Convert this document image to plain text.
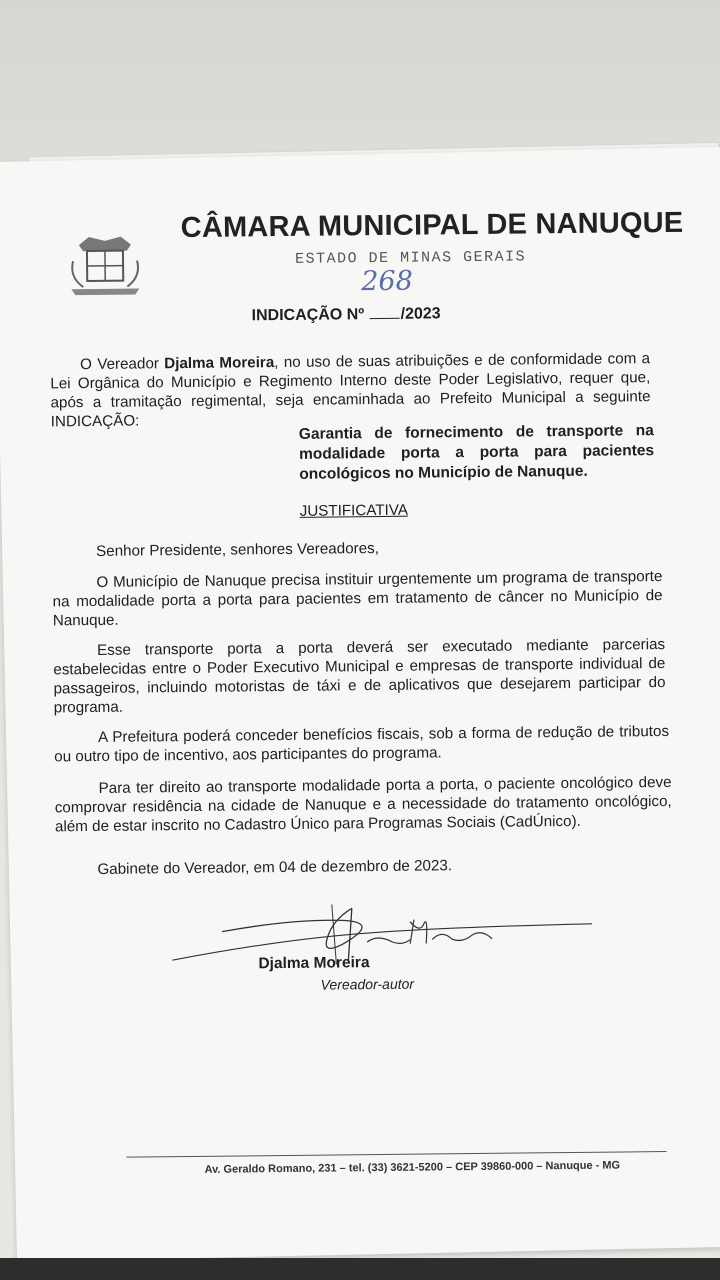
CÂMARA MUNICIPAL DE NANUQUE
ESTADO DE MINAS GERAIS
268
INDICAÇÃO Nº /2023
O Vereador Djalma Moreira, no uso de suas atribuições e de conformidade com a Lei Orgânica do Município e Regimento Interno deste Poder Legislativo, requer que, após a tramitação regimental, seja encaminhada ao Prefeito Municipal a seguinte INDICAÇÃO:
Garantia de fornecimento de transporte na modalidade porta a porta para pacientes oncológicos no Município de Nanuque.
JUSTIFICATIVA
Senhor Presidente, senhores Vereadores,
O Município de Nanuque precisa instituir urgentemente um programa de transporte na modalidade porta a porta para pacientes em tratamento de câncer no Município de Nanuque.
Esse transporte porta a porta deverá ser executado mediante parcerias estabelecidas entre o Poder Executivo Municipal e empresas de transporte individual de passageiros, incluindo motoristas de táxi e de aplicativos que desejarem participar do programa.
A Prefeitura poderá conceder benefícios fiscais, sob a forma de redução de tributos ou outro tipo de incentivo, aos participantes do programa.
Para ter direito ao transporte modalidade porta a porta, o paciente oncológico deve comprovar residência na cidade de Nanuque e a necessidade do tratamento oncológico, além de estar inscrito no Cadastro Único para Programas Sociais (CadÚnico).
Gabinete do Vereador, em 04 de dezembro de 2023.
Djalma Moreira
Vereador-autor
Av. Geraldo Romano, 231 – tel. (33) 3621-5200 – CEP 39860-000 – Nanuque - MG
